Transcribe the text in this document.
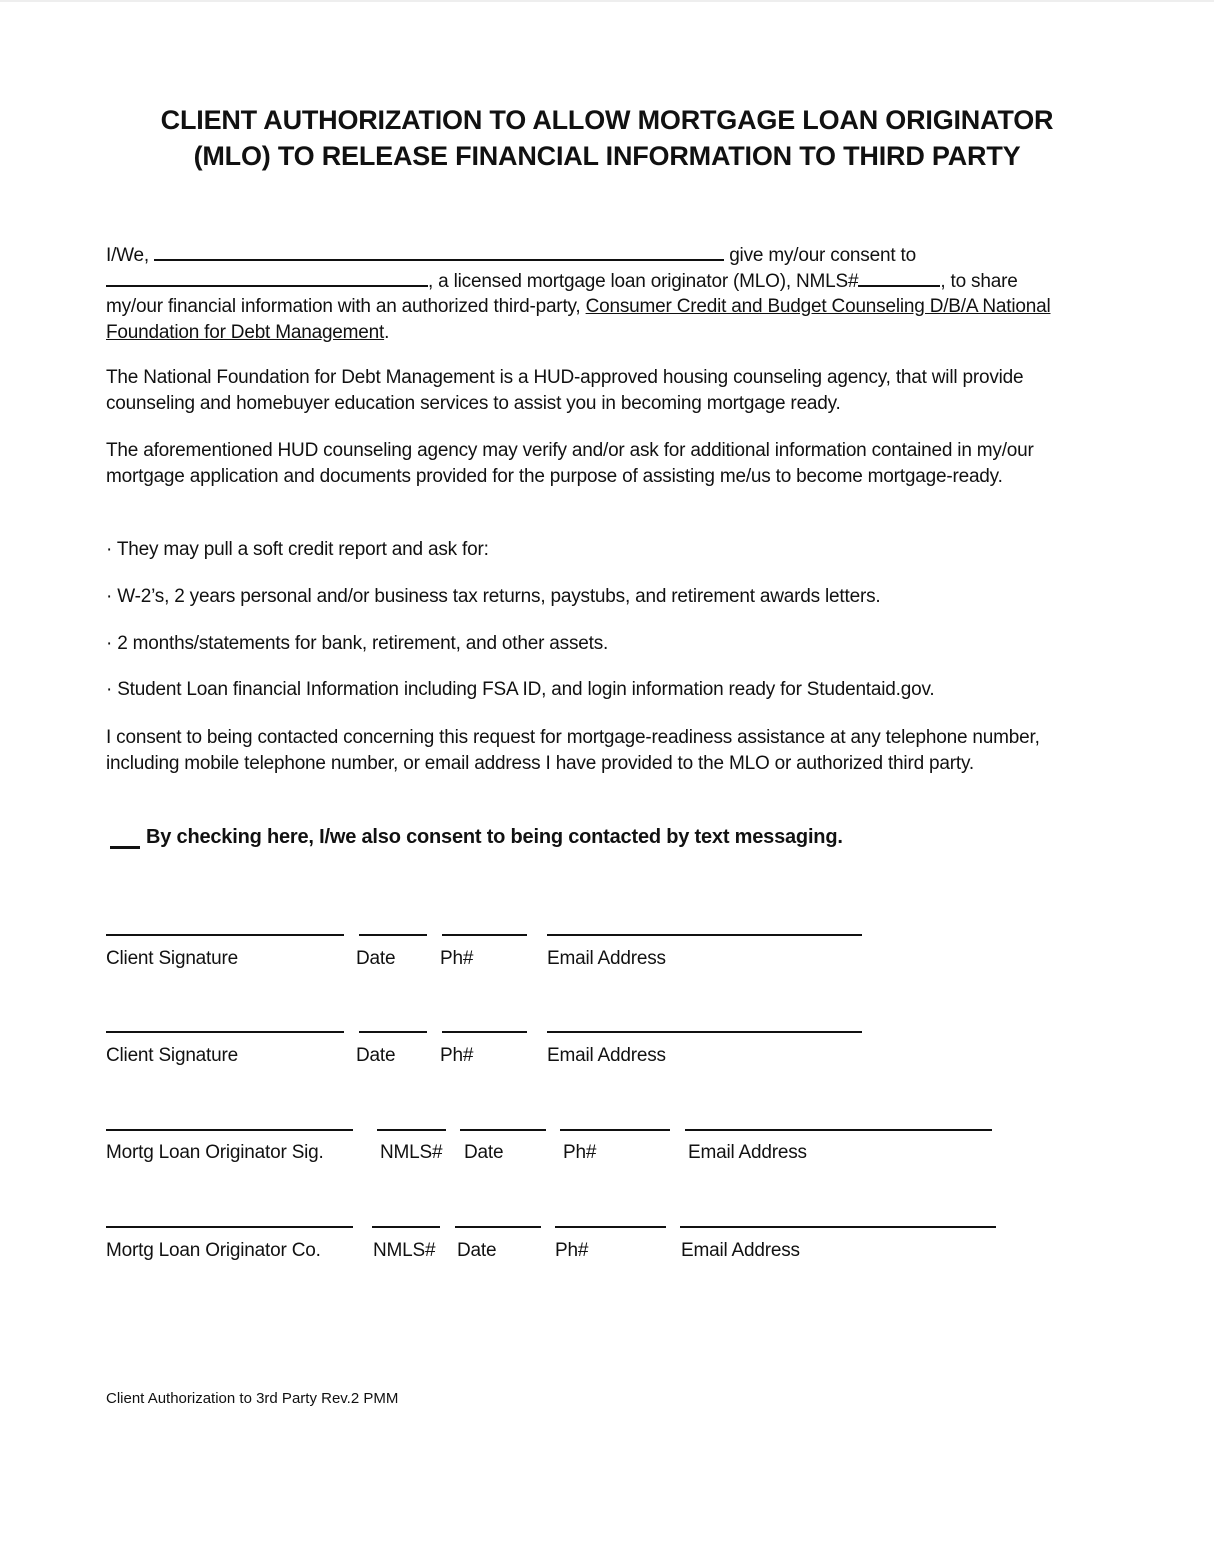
CLIENT AUTHORIZATION TO ALLOW MORTGAGE LOAN ORIGINATOR
(MLO) TO RELEASE FINANCIAL INFORMATION TO THIRD PARTY
I/We,	give my/our consent to
, a licensed mortgage loan originator (MLO), NMLS#	, to share
my/our financial information with an authorized third-party, Consumer Credit and Budget Counseling D/B/A National Foundation for Debt Management.
The National Foundation for Debt Management is a HUD-approved housing counseling agency, that will provide counseling and homebuyer education services to assist you in becoming mortgage ready.
The aforementioned HUD counseling agency may verify and/or ask for additional information contained in my/our mortgage application and documents provided for the purpose of assisting me/us to become mortgage-ready.
· They may pull a soft credit report and ask for:
· W-2’s, 2 years personal and/or business tax returns, paystubs, and retirement awards letters.
· 2 months/statements for bank, retirement, and other assets.
· Student Loan financial Information including FSA ID, and login information ready for Studentaid.gov.
I consent to being contacted concerning this request for mortgage-readiness assistance at any telephone number, including mobile telephone number, or email address I have provided to the MLO or authorized third party.
By checking here, I/we also consent to being contacted by text messaging.
Client Signature	Date Ph#	Email Address
Client Signature	Date Ph#	Email Address
Mortg Loan Originator Sig.	NMLS# Date	Ph#	Email Address
Mortg Loan Originator Co.	NMLS# Date	Ph#	Email Address
Client Authorization to 3rd Party Rev.2 PMM
